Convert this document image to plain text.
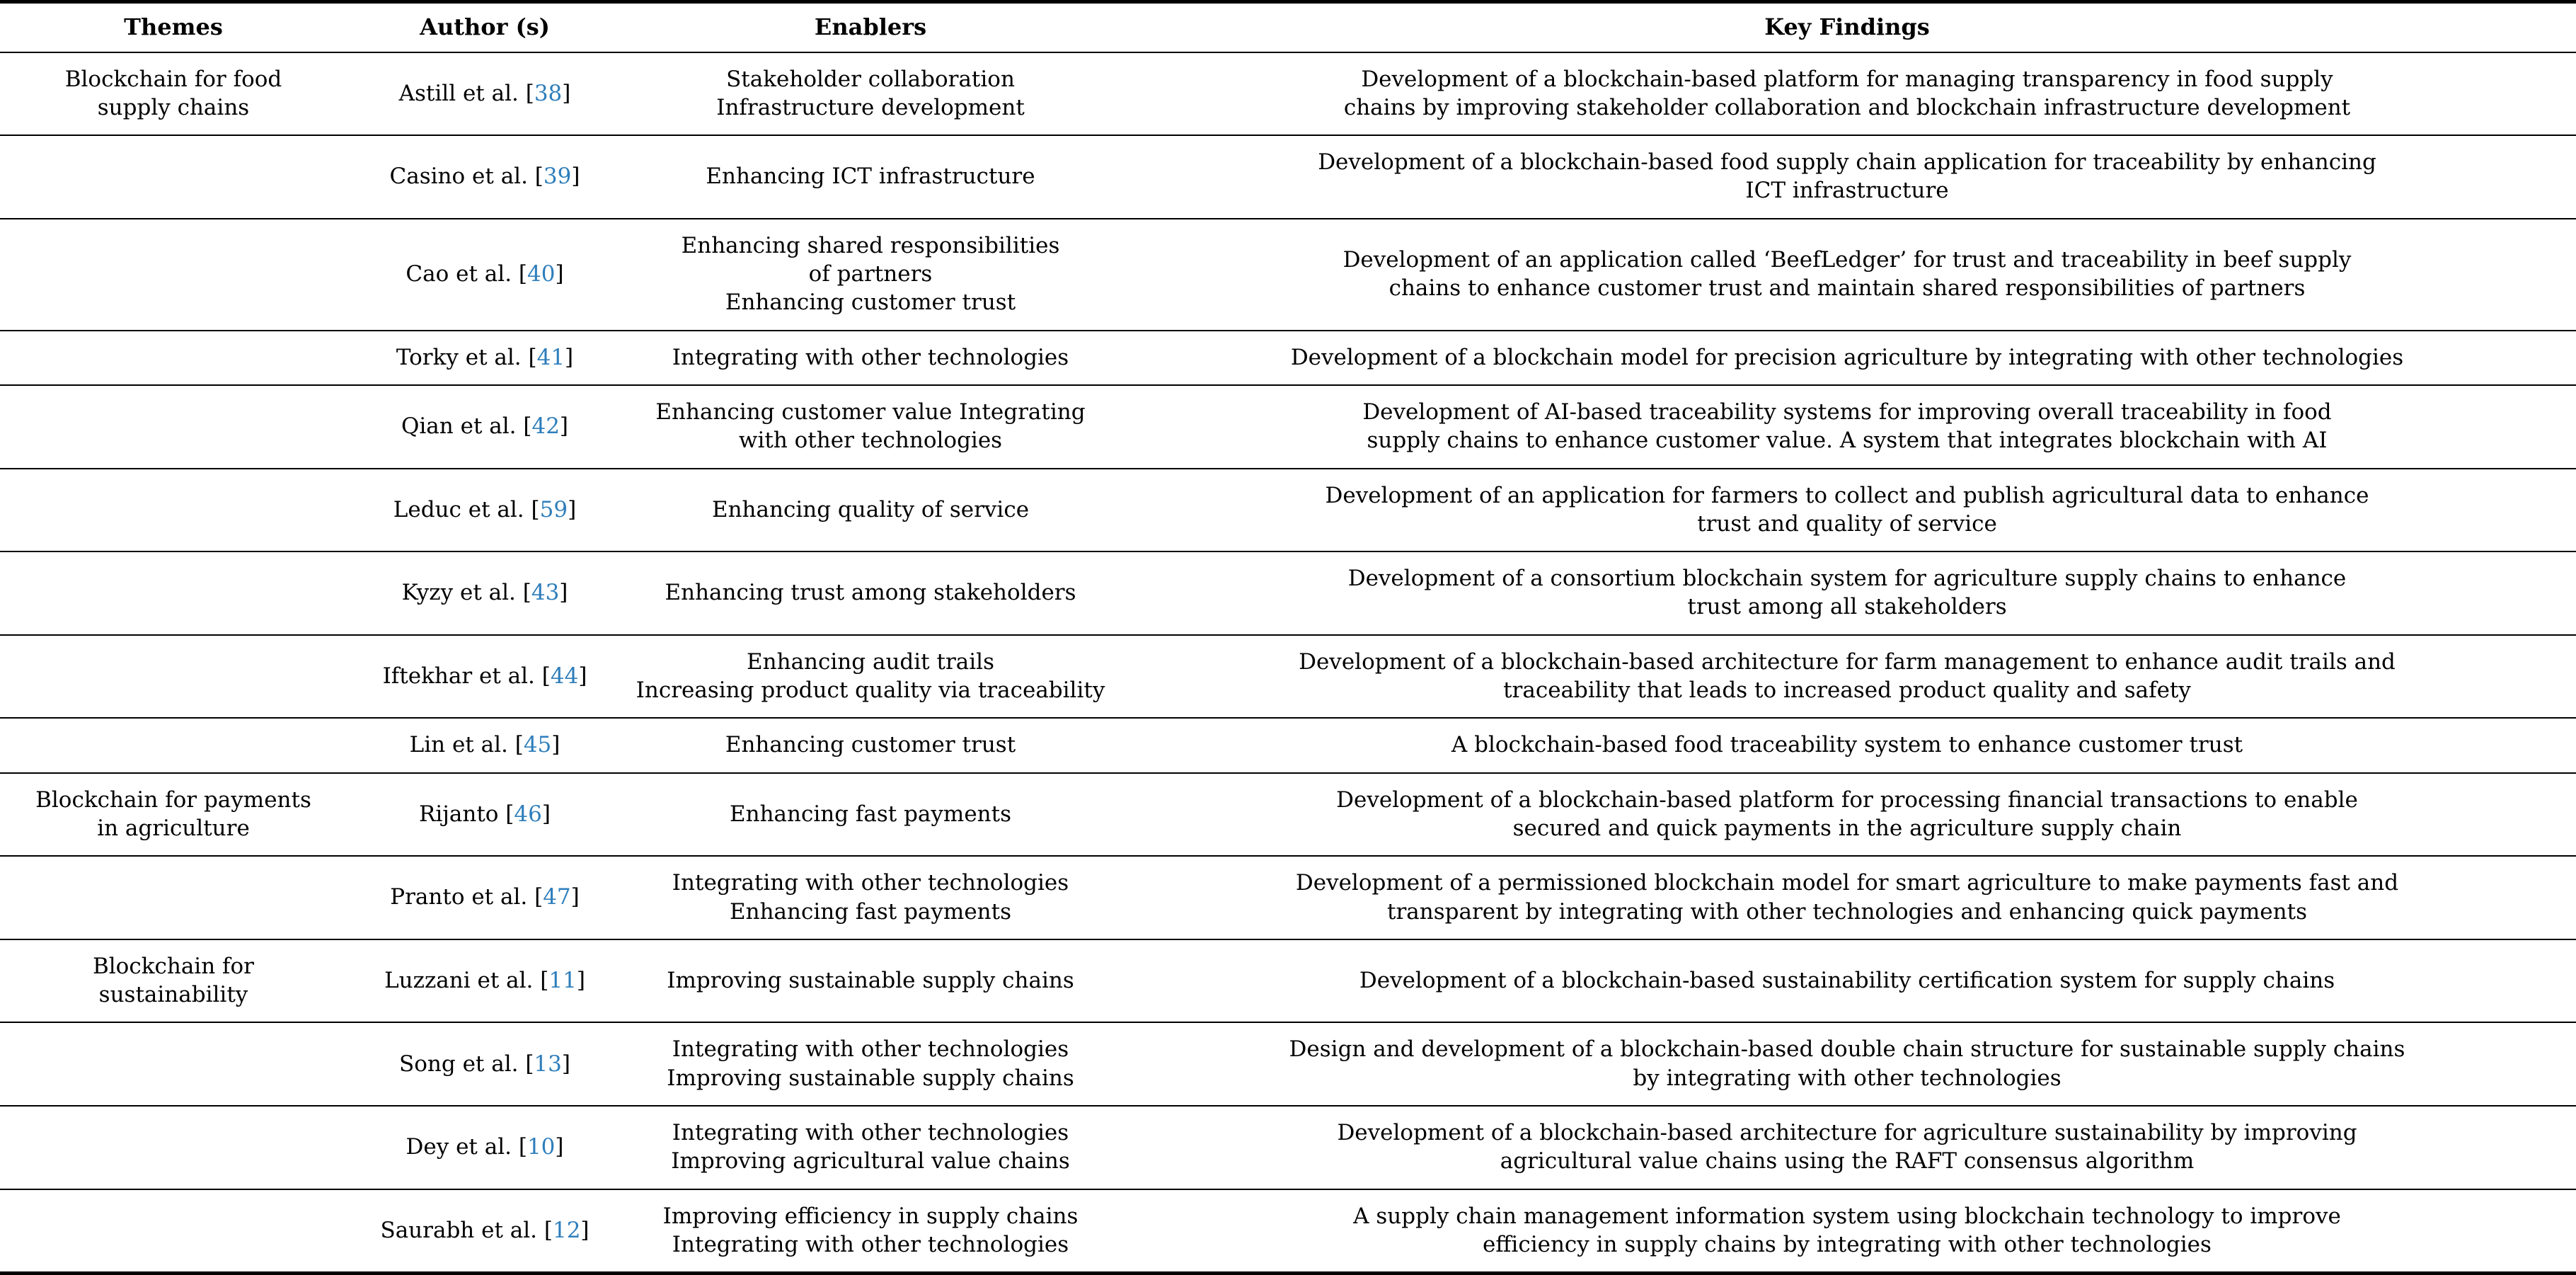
Themes	Author (s)	Enablers	Key Findings

Blockchain for food
supply chains	Astill et al. [38]	Stakeholder collaboration
Infrastructure development	Development of a blockchain-based platform for managing transparency in food supply
chains by improving stakeholder collaboration and blockchain infrastructure development

	Casino et al. [39]	Enhancing ICT infrastructure	Development of a blockchain-based food supply chain application for traceability by enhancing
ICT infrastructure

	Cao et al. [40]	Enhancing shared responsibilities
of partners
Enhancing customer trust	Development of an application called ‘BeefLedger’ for trust and traceability in beef supply
chains to enhance customer trust and maintain shared responsibilities of partners

	Torky et al. [41]	Integrating with other technologies	Development of a blockchain model for precision agriculture by integrating with other technologies

	Qian et al. [42]	Enhancing customer value Integrating
with other technologies	Development of AI-based traceability systems for improving overall traceability in food
supply chains to enhance customer value. A system that integrates blockchain with AI

	Leduc et al. [59]	Enhancing quality of service	Development of an application for farmers to collect and publish agricultural data to enhance
trust and quality of service

	Kyzy et al. [43]	Enhancing trust among stakeholders	Development of a consortium blockchain system for agriculture supply chains to enhance
trust among all stakeholders

	Iftekhar et al. [44]	Enhancing audit trails
Increasing product quality via traceability	Development of a blockchain-based architecture for farm management to enhance audit trails and
traceability that leads to increased product quality and safety

	Lin et al. [45]	Enhancing customer trust	A blockchain-based food traceability system to enhance customer trust

Blockchain for payments
in agriculture	Rijanto [46]	Enhancing fast payments	Development of a blockchain-based platform for processing financial transactions to enable
secured and quick payments in the agriculture supply chain

	Pranto et al. [47]	Integrating with other technologies
Enhancing fast payments	Development of a permissioned blockchain model for smart agriculture to make payments fast and
transparent by integrating with other technologies and enhancing quick payments

Blockchain for
sustainability	Luzzani et al. [11]	Improving sustainable supply chains	Development of a blockchain-based sustainability certification system for supply chains

	Song et al. [13]	Integrating with other technologies
Improving sustainable supply chains	Design and development of a blockchain-based double chain structure for sustainable supply chains
by integrating with other technologies

	Dey et al. [10]	Integrating with other technologies
Improving agricultural value chains	Development of a blockchain-based architecture for agriculture sustainability by improving
agricultural value chains using the RAFT consensus algorithm

	Saurabh et al. [12]	Improving efficiency in supply chains
Integrating with other technologies	A supply chain management information system using blockchain technology to improve
efficiency in supply chains by integrating with other technologies
